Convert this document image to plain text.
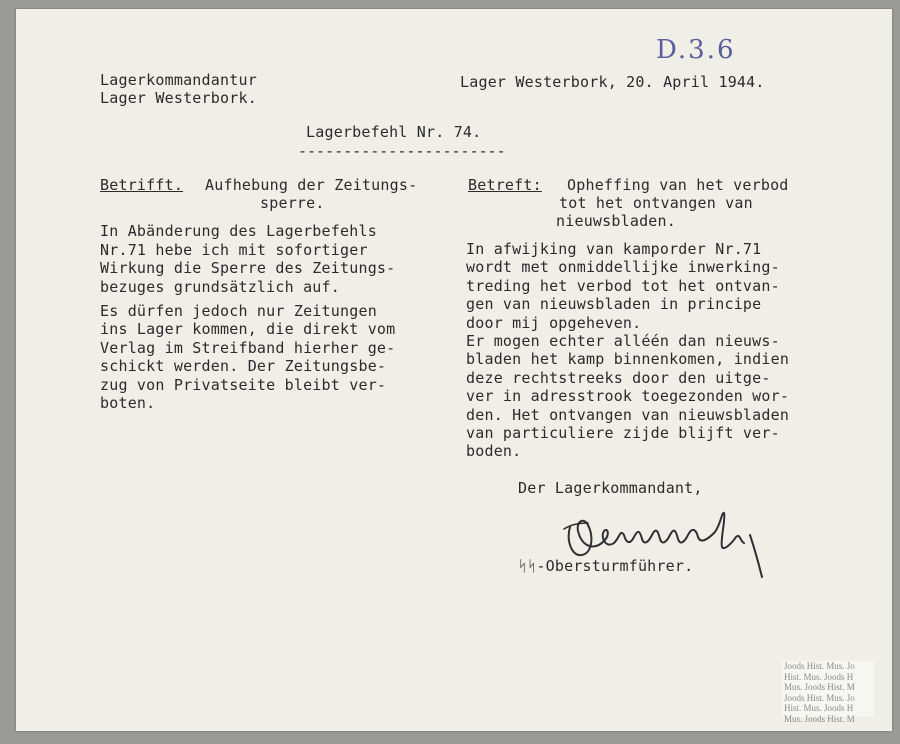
D.3.6
Lagerkommandantur
Lager Westerbork.
Lager Westerbork, 20. April 1944.
Lagerbefehl Nr. 74.
-----------------------
Betrifft. Aufhebung der Zeitungs-
sperre.
In Abänderung des Lagerbefehls
Nr.71 hebe ich mit sofortiger
Wirkung die Sperre des Zeitungs-
bezuges grundsätzlich auf.
Es dürfen jedoch nur Zeitungen
ins Lager kommen, die direkt vom
Verlag im Streifband hierher ge-
schickt werden. Der Zeitungsbe-
zug von Privatseite bleibt ver-
boten.
Betreft: Opheffing van het verbod
tot het ontvangen van
nieuwsbladen.
In afwijking van kamporder Nr.71
wordt met onmiddellijke inwerking-
treding het verbod tot het ontvan-
gen van nieuwsbladen in principe
door mij opgeheven.
Er mogen echter alléén dan nieuws-
bladen het kamp binnenkomen, indien
deze rechtstreeks door den uitge-
ver in adresstrook toegezonden wor-
den. Het ontvangen van nieuwsbladen
van particuliere zijde blijft ver-
boden.
Der Lagerkommandant,
ᛋᛋ-Obersturmführer.
Joods Hist. Mus. Jo
Hist. Mus. Joods H
Mus. Joods Hist. M
Joods Hist. Mus. Jo
Hist. Mus. Joods H
Mus. Joods Hist. M
